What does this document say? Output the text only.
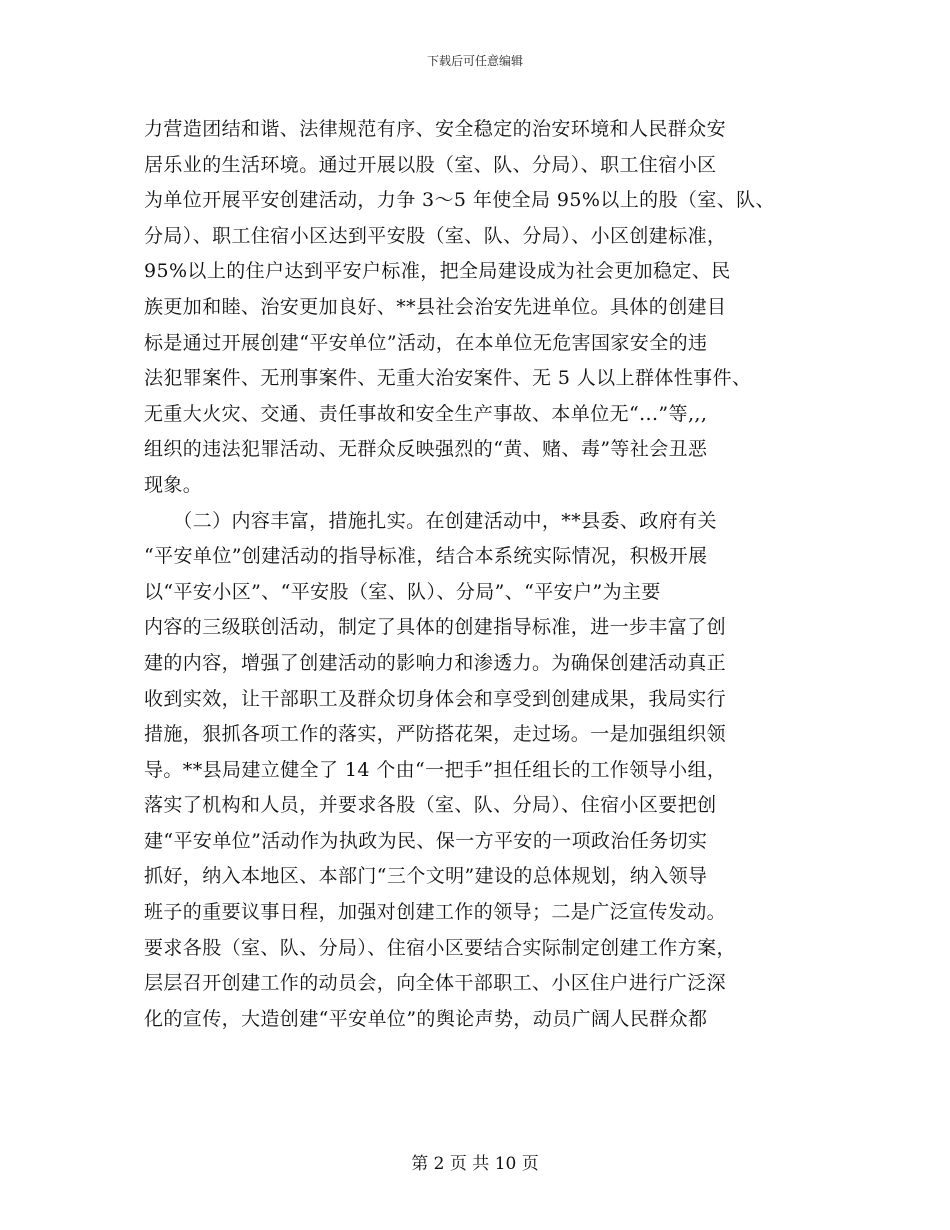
下载后可任意编辑
力营造团结和谐、法律规范有序、安全稳定的治安环境和人民群众安
居乐业的生活环境。通过开展以股（室、队、分局）、职工住宿小区
为单位开展平安创建活动，力争 3～5 年使全局 95%以上的股（室、队、
分局）、职工住宿小区达到平安股（室、队、分局）、小区创建标准，
95%以上的住户达到平安户标准，把全局建设成为社会更加稳定、民
族更加和睦、治安更加良好、**县社会治安先进单位。具体的创建目
标是通过开展创建“平安单位”活动，在本单位无危害国家安全的违
法犯罪案件、无刑事案件、无重大治安案件、无 5 人以上群体性事件、
无重大火灾、交通、责任事故和安全生产事故、本单位无“...”等,,,
组织的违法犯罪活动、无群众反映强烈的“黄、赌、毒”等社会丑恶
现象。
　　（二）内容丰富，措施扎实。在创建活动中，**县委、政府有关
“平安单位”创建活动的指导标准，结合本系统实际情况，积极开展
以“平安小区”、“平安股（室、队）、分局”、“平安户”为主要
内容的三级联创活动，制定了具体的创建指导标准，进一步丰富了创
建的内容，增强了创建活动的影响力和渗透力。为确保创建活动真正
收到实效，让干部职工及群众切身体会和享受到创建成果，我局实行
措施，狠抓各项工作的落实，严防搭花架，走过场。一是加强组织领
导。**县局建立健全了 14 个由“一把手”担任组长的工作领导小组，
落实了机构和人员，并要求各股（室、队、分局）、住宿小区要把创
建“平安单位”活动作为执政为民、保一方平安的一项政治任务切实
抓好，纳入本地区、本部门“三个文明”建设的总体规划，纳入领导
班子的重要议事日程，加强对创建工作的领导；二是广泛宣传发动。
要求各股（室、队、分局）、住宿小区要结合实际制定创建工作方案，
层层召开创建工作的动员会，向全体干部职工、小区住户进行广泛深
化的宣传，大造创建“平安单位”的舆论声势，动员广阔人民群众都
第 2 页 共 10 页
